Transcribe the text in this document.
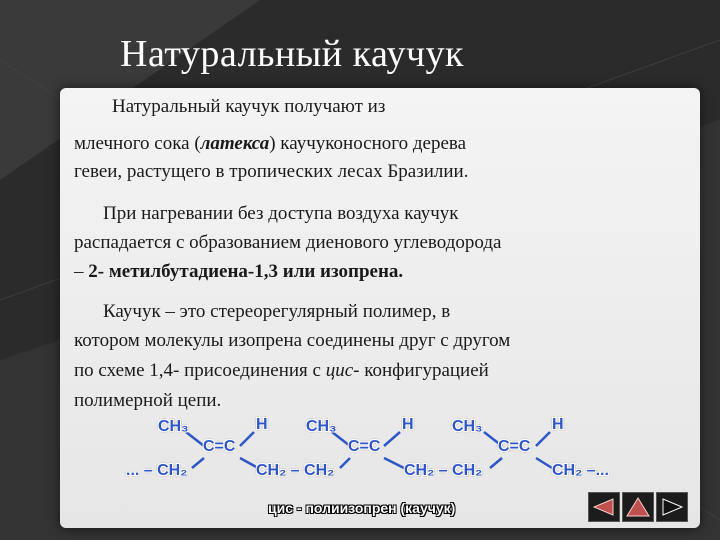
Натуральный каучук
Натуральный каучук получают из
млечного сока (латекса) каучуконосного дерева
гевеи, растущего в тропических лесах Бразилии.
При нагревании без доступа воздуха каучук
распадается с образованием диенового углеводорода
– 2- метилбутадиена-1,3 или изопрена.
Каучук – это стереорегулярный полимер, в
котором молекулы изопрена соединены друг с другом
по схеме 1,4- присоединения с цис- конфигурацией
полимерной цепи.
CH₃	H
C=C
... – CH₂	CH₂ – CH₂
CH₃	H
C=C
CH₂ – CH₂
CH₃	H
C=C
CH₂ –...
цис - полиизопрен (каучук)
